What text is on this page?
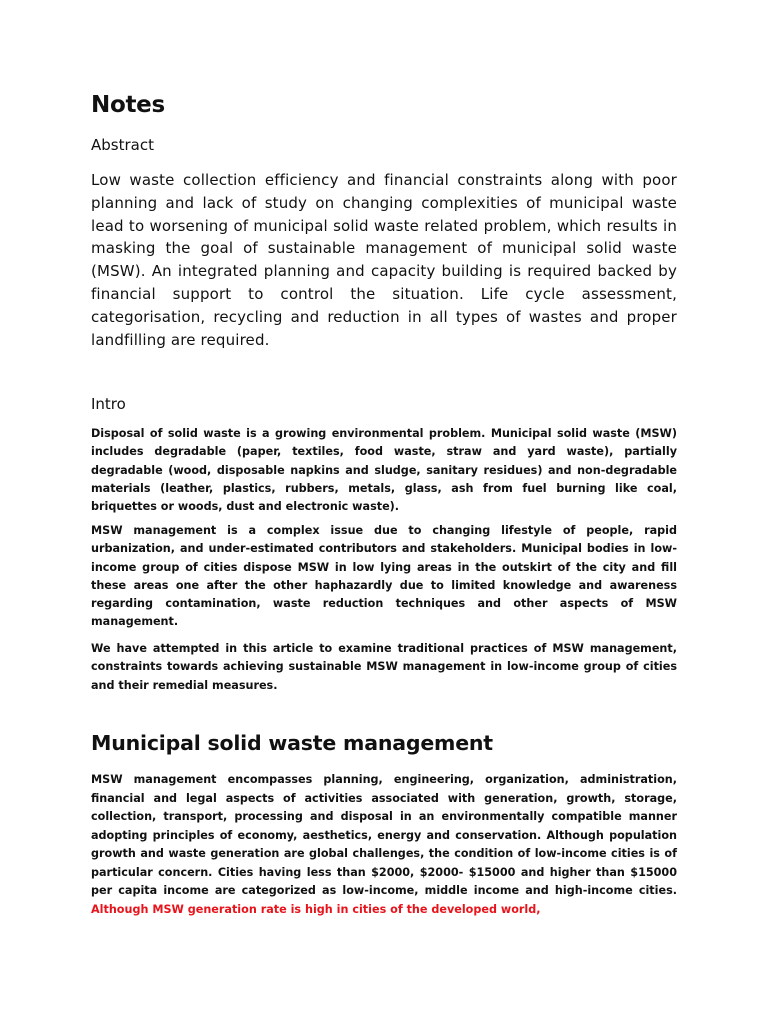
Notes
Abstract

Low waste collection efficiency and financial constraints along with poor planning and lack of study on changing complexities of municipal waste lead to worsening of municipal solid waste related problem, which results in masking the goal of sustainable management of municipal solid waste (MSW). An integrated planning and capacity building is required backed by financial support to control the situation. Life cycle assessment, categorisation, recycling and reduction in all types of wastes and proper landfilling are required.

Intro

Disposal of solid waste is a growing environmental problem. Municipal solid waste (MSW) includes degradable (paper, textiles, food waste, straw and yard waste), partially degradable (wood, disposable napkins and sludge, sanitary residues) and non-degradable materials (leather, plastics, rubbers, metals, glass, ash from fuel burning like coal, briquettes or woods, dust and electronic waste).

MSW management is a complex issue due to changing lifestyle of people, rapid urbanization, and under-estimated contributors and stakeholders. Municipal bodies in low-income group of cities dispose MSW in low lying areas in the outskirt of the city and fill these areas one after the other haphazardly due to limited knowledge and awareness regarding contamination, waste reduction techniques and other aspects of MSW management.

We have attempted in this article to examine traditional practices of MSW management, constraints towards achieving sustainable MSW management in low-income group of cities and their remedial measures.

Municipal solid waste management

MSW management encompasses planning, engineering, organization, administration, financial and legal aspects of activities associated with generation, growth, storage, collection, transport, processing and disposal in an environmentally compatible manner adopting principles of economy, aesthetics, energy and conservation. Although population growth and waste generation are global challenges, the condition of low-income cities is of particular concern. Cities having less than $2000, $2000- $15000 and higher than $15000 per capita income are categorized as low-income, middle income and high-income cities. Although MSW generation rate is high in cities of the developed world,
